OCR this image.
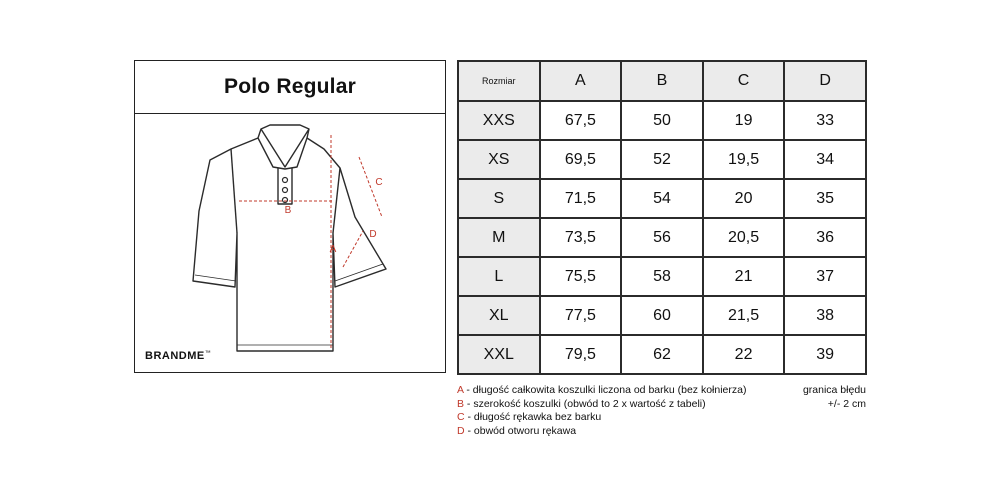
Polo Regular
A
B
C
D
BRANDME™
Rozmiar	A	B	C	D
XXS	67,5	50	19	33
XS	69,5	52	19,5	34
S	71,5	54	20	35
M	73,5	56	20,5	36
L	75,5	58	21	37
XL	77,5	60	21,5	38
XXL	79,5	62	22	39
A - długość całkowita koszulki liczona od barku (bez kołnierza)
B - szerokość koszulki (obwód to 2 x wartość z tabeli)
C - długość rękawka bez barku
D - obwód otworu rękawa
granica błędu
+/- 2 cm
